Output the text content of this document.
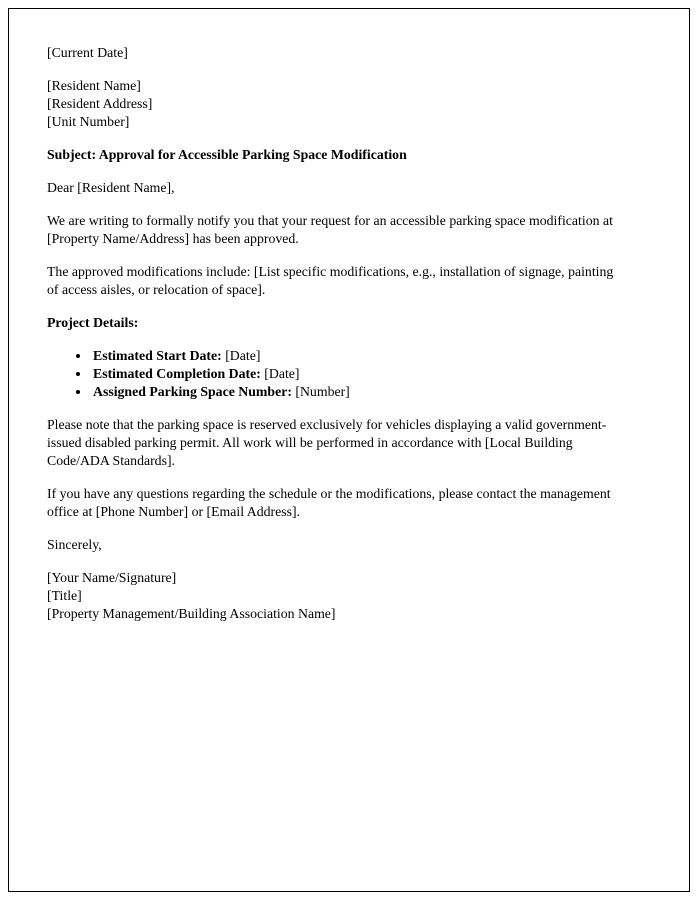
[Current Date]

[Resident Name]
[Resident Address]
[Unit Number]

Subject: Approval for Accessible Parking Space Modification

Dear [Resident Name],

We are writing to formally notify you that your request for an accessible parking space modification at [Property Name/Address] has been approved.

The approved modifications include: [List specific modifications, e.g., installation of signage, painting of access aisles, or relocation of space].

Project Details:

• Estimated Start Date: [Date]
• Estimated Completion Date: [Date]
• Assigned Parking Space Number: [Number]

Please note that the parking space is reserved exclusively for vehicles displaying a valid government-issued disabled parking permit. All work will be performed in accordance with [Local Building Code/ADA Standards].

If you have any questions regarding the schedule or the modifications, please contact the management office at [Phone Number] or [Email Address].

Sincerely,

[Your Name/Signature]
[Title]
[Property Management/Building Association Name]
